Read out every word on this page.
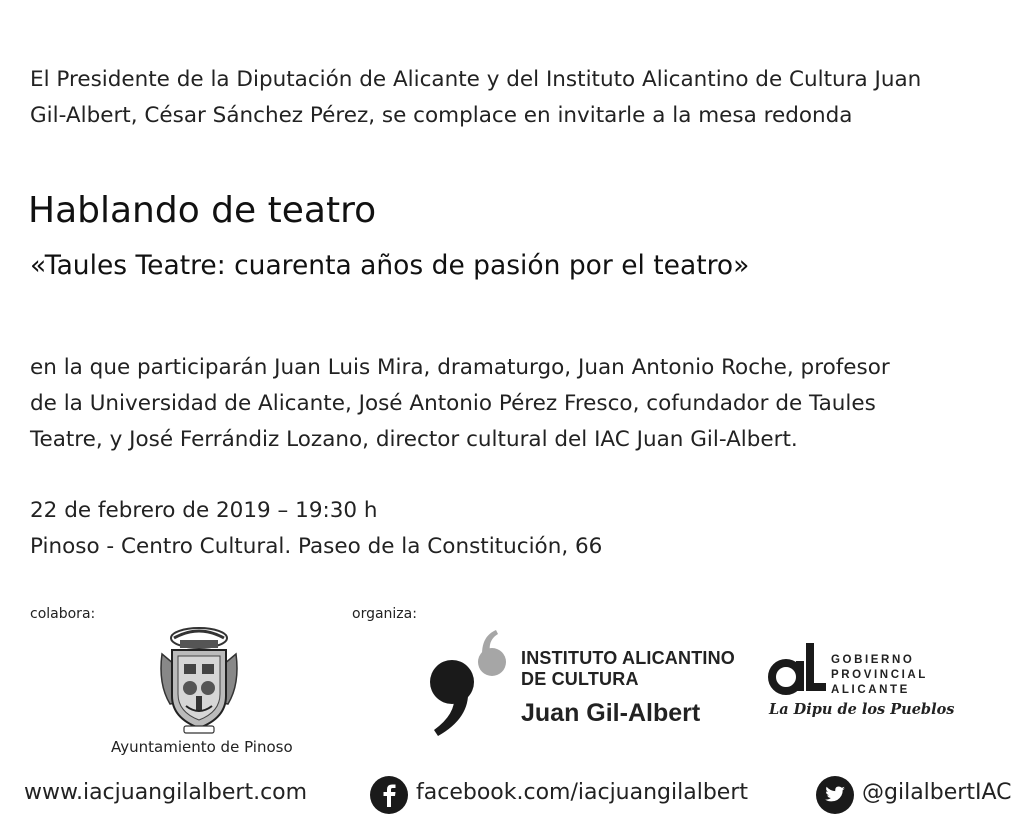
El Presidente de la Diputación de Alicante y del Instituto Alicantino de Cultura Juan
Gil-Albert, César Sánchez Pérez, se complace en invitarle a la mesa redonda
Hablando de teatro
«Taules Teatre: cuarenta años de pasión por el teatro»
en la que participarán Juan Luis Mira, dramaturgo, Juan Antonio Roche, profesor
de la Universidad de Alicante, José Antonio Pérez Fresco, cofundador de Taules
Teatre, y José Ferrándiz Lozano, director cultural del IAC Juan Gil-Albert.
22 de febrero de 2019 – 19:30 h
Pinoso - Centro Cultural. Paseo de la Constitución, 66
colabora:	organiza:
Ayuntamiento de Pinoso
INSTITUTO ALICANTINO
DE CULTURA
Juan Gil-Albert
GOBIERNO
PROVINCIAL
ALICANTE
La Dipu de los Pueblos
www.iacjuangilalbert.com	facebook.com/iacjuangilalbert	@gilalbertIAC
